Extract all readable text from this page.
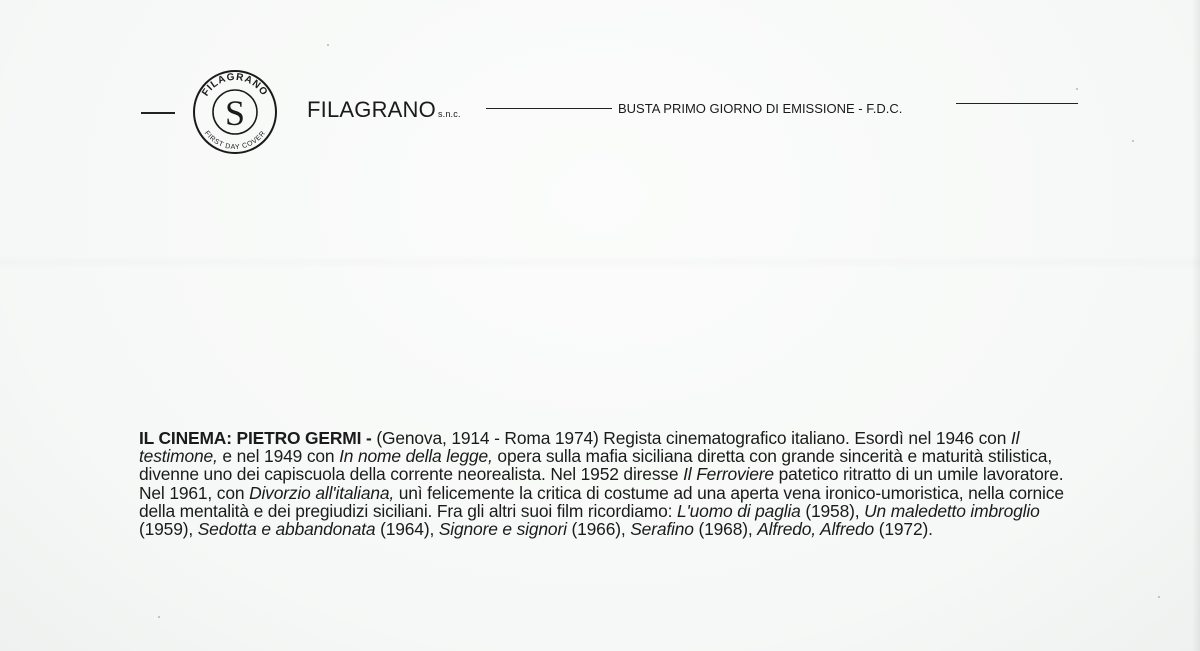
FILAGRANO
FIRST DAY COVER
S	FILAGRANO s.n.c.	BUSTA PRIMO GIORNO DI EMISSIONE - F.D.C.
IL CINEMA: PIETRO GERMI - (Genova, 1914 - Roma 1974) Regista cinematografico italiano. Esordì nel 1946 con Il testimone, e nel 1949 con In nome della legge, opera sulla mafia siciliana diretta con grande sincerità e maturità stilistica, divenne uno dei capiscuola della corrente neorealista. Nel 1952 diresse Il Ferroviere patetico ritratto di un umile lavoratore. Nel 1961, con Divorzio all'italiana, unì felicemente la critica di costume ad una aperta vena ironico-umoristica, nella cornice della mentalità e dei pregiudizi siciliani. Fra gli altri suoi film ricordiamo: L'uomo di paglia (1958), Un maledetto imbroglio (1959), Sedotta e abbandonata (1964), Signore e signori (1966), Serafino (1968), Alfredo, Alfredo (1972).
